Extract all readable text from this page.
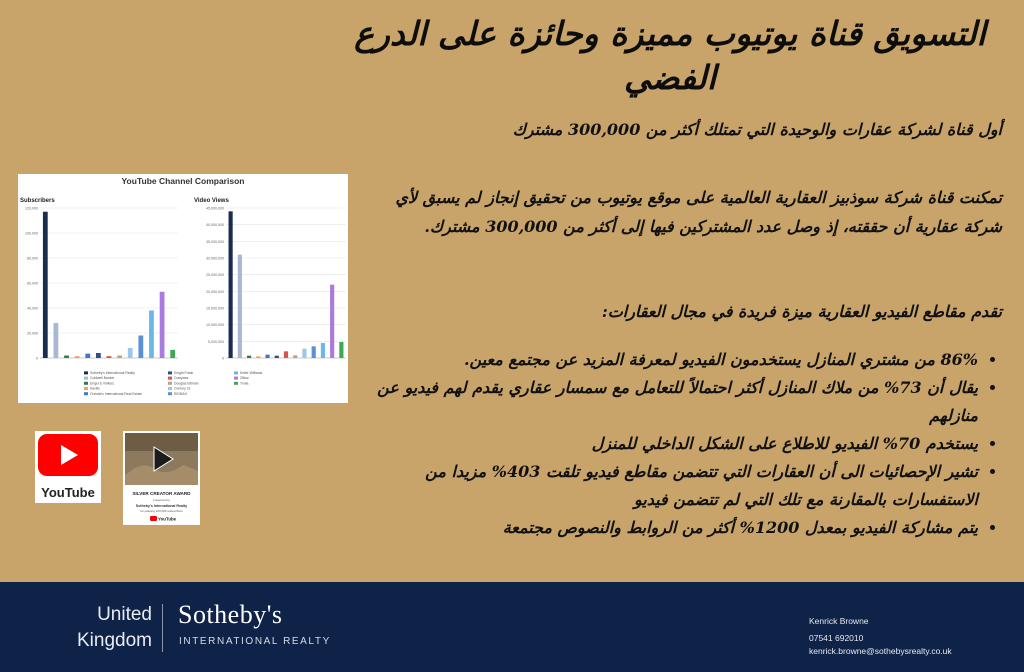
التسويق قناة يوتيوب مميزة وحائزة على الدرع الفضي
أول قناة لشركة عقارات والوحيدة التي تمتلك أكثر من 300,000 مشترك
تمكنت قناة شركة سوذبيز العقارية العالمية على موقع يوتيوب من تحقيق إنجاز لم يسبق لأي شركة عقارية أن حققته، إذ وصل عدد المشتركين فيها إلى أكثر من 300,000 مشترك.
تقدم مقاطع الفيديو العقارية ميزة فريدة في مجال العقارات:
• 86% من مشتري المنازل يستخدمون الفيديو لمعرفة المزيد عن مجتمع معين.
• يقال أن 73% من ملاك المنازل أكثر احتمالاً للتعامل مع سمسار عقاري يقدم لهم فيديو عن منازلهم
• يستخدم 70% الفيديو للاطلاع على الشكل الداخلي للمنزل
• تشير الإحصائيات الى أن العقارات التي تتضمن مقاطع فيديو تلقت 403% مزيدا من الاستفسارات بالمقارنة مع تلك التي لم تتضمن فيديو
• يتم مشاركة الفيديو بمعدل 1200% أكثر من الروابط والنصوص مجتمعة
YouTube Channel Comparison
Subscribers	Video Views
0
20,000
40,000
60,000
80,000
100,000
120,000
0
5,000,000
10,000,000
15,000,000
20,000,000
25,000,000
30,000,000
35,000,000
40,000,000
45,000,000
Sotheby's International Realty
Coldwell Banker
Engel & Völkers
Savills
Christie's International Real Estate
Knight Frank
Compass
Douglas Elliman
Century 21
RE/MAX
Keller Williams
Zillow
Trulia
YouTube	SILVER CREATOR AWARD
presented to
Sotheby's International Realty
for passing 100,000 subscribers
YouTube
United
Kingdom
Sotheby's
INTERNATIONAL REALTY
Kenrick Browne
07541 692010
kenrick.browne@sothebysrealty.co.uk
